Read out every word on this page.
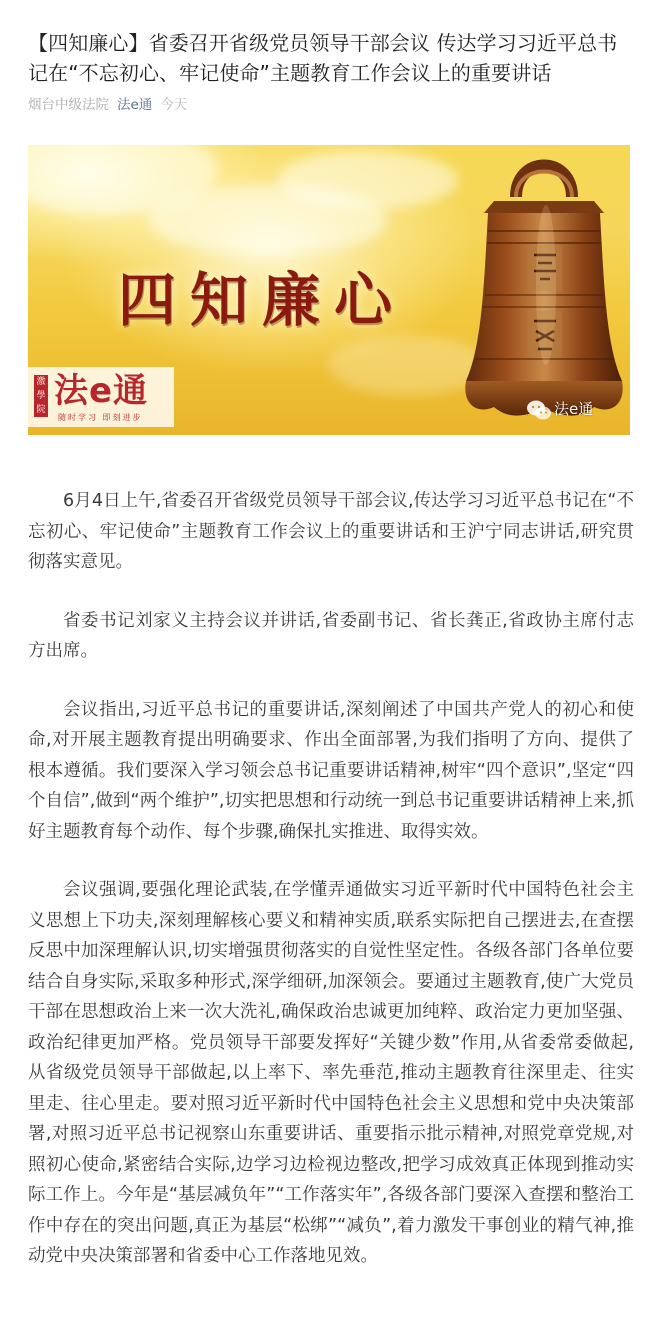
【四知廉心】省委召开省级党员领导干部会议 传达学习习近平总书记在“不忘初心、牢记使命”主题教育工作会议上的重要讲话
烟台中级法院 法e通 今天
四知廉心
激學院 法e通
随时学习 即刻进步	法e通

6月4日上午,省委召开省级党员领导干部会议,传达学习习近平总书记在“不忘初心、牢记使命”主题教育工作会议上的重要讲话和王沪宁同志讲话,研究贯彻落实意见。

省委书记刘家义主持会议并讲话,省委副书记、省长龚正,省政协主席付志方出席。

会议指出,习近平总书记的重要讲话,深刻阐述了中国共产党人的初心和使命,对开展主题教育提出明确要求、作出全面部署,为我们指明了方向、提供了根本遵循。我们要深入学习领会总书记重要讲话精神,树牢“四个意识”,坚定“四个自信”,做到“两个维护”,切实把思想和行动统一到总书记重要讲话精神上来,抓好主题教育每个动作、每个步骤,确保扎实推进、取得实效。

会议强调,要强化理论武装,在学懂弄通做实习近平新时代中国特色社会主义思想上下功夫,深刻理解核心要义和精神实质,联系实际把自己摆进去,在查摆反思中加深理解认识,切实增强贯彻落实的自觉性坚定性。各级各部门各单位要结合自身实际,采取多种形式,深学细研,加深领会。要通过主题教育,使广大党员干部在思想政治上来一次大洗礼,确保政治忠诚更加纯粹、政治定力更加坚强、政治纪律更加严格。党员领导干部要发挥好“关键少数”作用,从省委常委做起,从省级党员领导干部做起,以上率下、率先垂范,推动主题教育往深里走、往实里走、往心里走。要对照习近平新时代中国特色社会主义思想和党中央决策部署,对照习近平总书记视察山东重要讲话、重要指示批示精神,对照党章党规,对照初心使命,紧密结合实际,边学习边检视边整改,把学习成效真正体现到推动实际工作上。今年是“基层减负年”“工作落实年”,各级各部门要深入查摆和整治工作中存在的突出问题,真正为基层“松绑”“减负”,着力激发干事创业的精气神,推动党中央决策部署和省委中心工作落地见效。
